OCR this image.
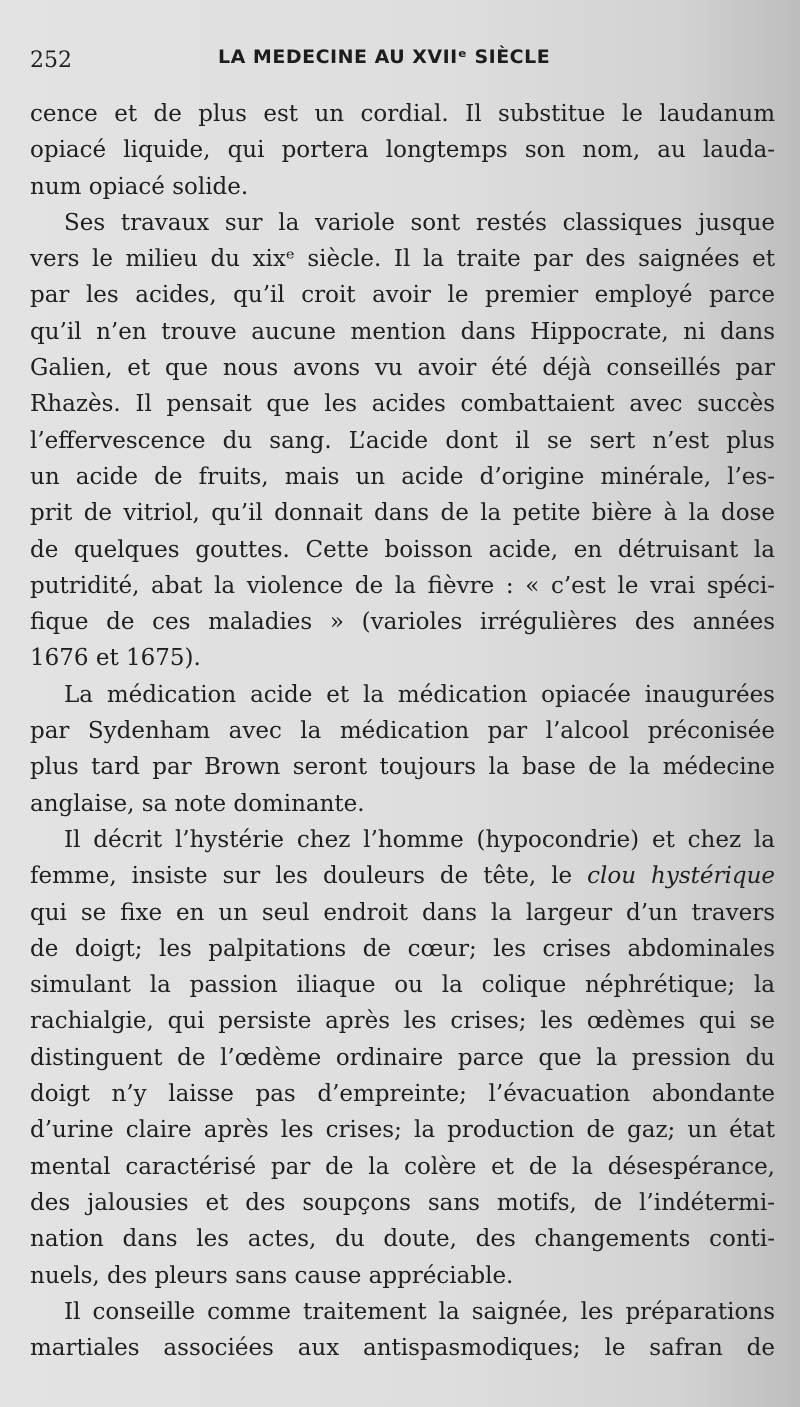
252	LA MEDECINE AU XVIIᵉ SIÈCLE

cence et de plus est un cordial. Il substitue le laudanum

opiacé liquide, qui portera longtemps son nom, au lauda-

num opiacé solide.

Ses travaux sur la variole sont restés classiques jusque

vers le milieu du xixᵉ siècle. Il la traite par des saignées et

par les acides, qu’il croit avoir le premier employé parce

qu’il n’en trouve aucune mention dans Hippocrate, ni dans

Galien, et que nous avons vu avoir été déjà conseillés par

Rhazès. Il pensait que les acides combattaient avec succès

l’effervescence du sang. L’acide dont il se sert n’est plus

un acide de fruits, mais un acide d’origine minérale, l’es-

prit de vitriol, qu’il donnait dans de la petite bière à la dose

de quelques gouttes. Cette boisson acide, en détruisant la

putridité, abat la violence de la fièvre : « c’est le vrai spéci-

fique de ces maladies » (varioles irrégulières des années

1676 et 1675).

La médication acide et la médication opiacée inaugurées

par Sydenham avec la médication par l’alcool préconisée

plus tard par Brown seront toujours la base de la médecine

anglaise, sa note dominante.

Il décrit l’hystérie chez l’homme (hypocondrie) et chez la

femme, insiste sur les douleurs de tête, le clou hystérique

qui se fixe en un seul endroit dans la largeur d’un travers

de doigt; les palpitations de cœur; les crises abdominales

simulant la passion iliaque ou la colique néphrétique; la

rachialgie, qui persiste après les crises; les œdèmes qui se

distinguent de l’œdème ordinaire parce que la pression du

doigt n’y laisse pas d’empreinte; l’évacuation abondante

d’urine claire après les crises; la production de gaz; un état

mental caractérisé par de la colère et de la désespérance,

des jalousies et des soupçons sans motifs, de l’indétermi-

nation dans les actes, du doute, des changements conti-

nuels, des pleurs sans cause appréciable.

Il conseille comme traitement la saignée, les préparations

martiales associées aux antispasmodiques; le safran de
